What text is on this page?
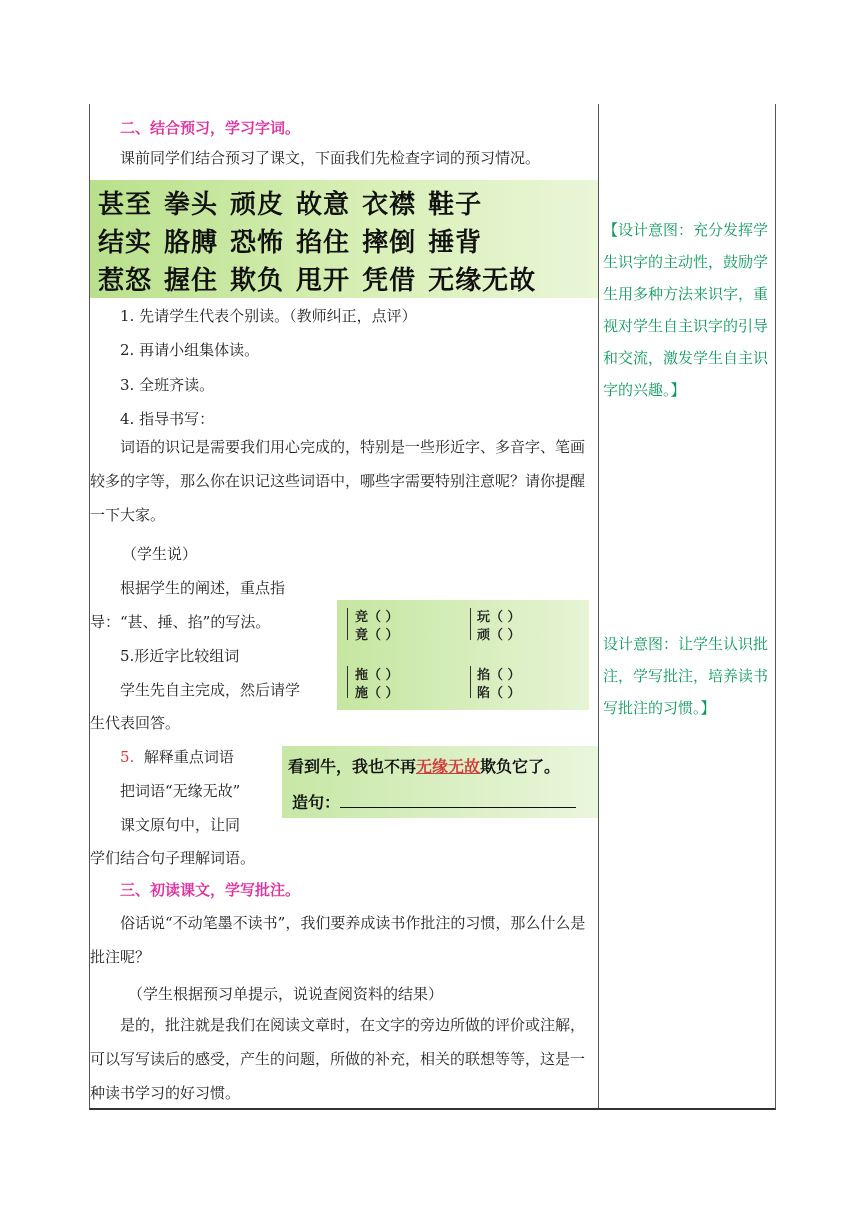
二、结合预习，学习字词。
课前同学们结合预习了课文，下面我们先检查字词的预习情况。
甚至 拳头 顽皮 故意 衣襟 鞋子
结实 胳膊 恐怖 掐住 摔倒 捶背
惹怒 握住 欺负 甩开 凭借 无缘无故
1. 先请学生代表个别读。（教师纠正，点评）
2. 再请小组集体读。
3. 全班齐读。
4. 指导书写：
词语的识记是需要我们用心完成的，特别是一些形近字、多音字、笔画较多的字等，那么你在识记这些词语中，哪些字需要特别注意呢？请你提醒一下大家。
（学生说）
根据学生的阐述，重点指
导：“甚、捶、掐”的写法。
5.形近字比较组词
学生先自主完成，然后请学
生代表回答。
竞（ ）
竟（ ）
玩（ ）
顽（ ）
拖（ ）
施（ ）
掐（ ）
陷（ ）
5. 解释重点词语
把词语“无缘无故”
课文原句中，让同
学们结合句子理解词语。
看到牛，我也不再无缘无故欺负它了。
造句：
三、初读课文，学写批注。
俗话说“不动笔墨不读书”，我们要养成读书作批注的习惯，那么什么是批注呢？
（学生根据预习单提示，说说查阅资料的结果）
是的，批注就是我们在阅读文章时，在文字的旁边所做的评价或注解，可以写写读后的感受，产生的问题，所做的补充，相关的联想等等，这是一种读书学习的好习惯。
【设计意图：充分发挥学生识字的主动性，鼓励学生用多种方法来识字，重视对学生自主识字的引导和交流，激发学生自主识字的兴趣。】
设计意图：让学生认识批注，学写批注，培养读书写批注的习惯。】
